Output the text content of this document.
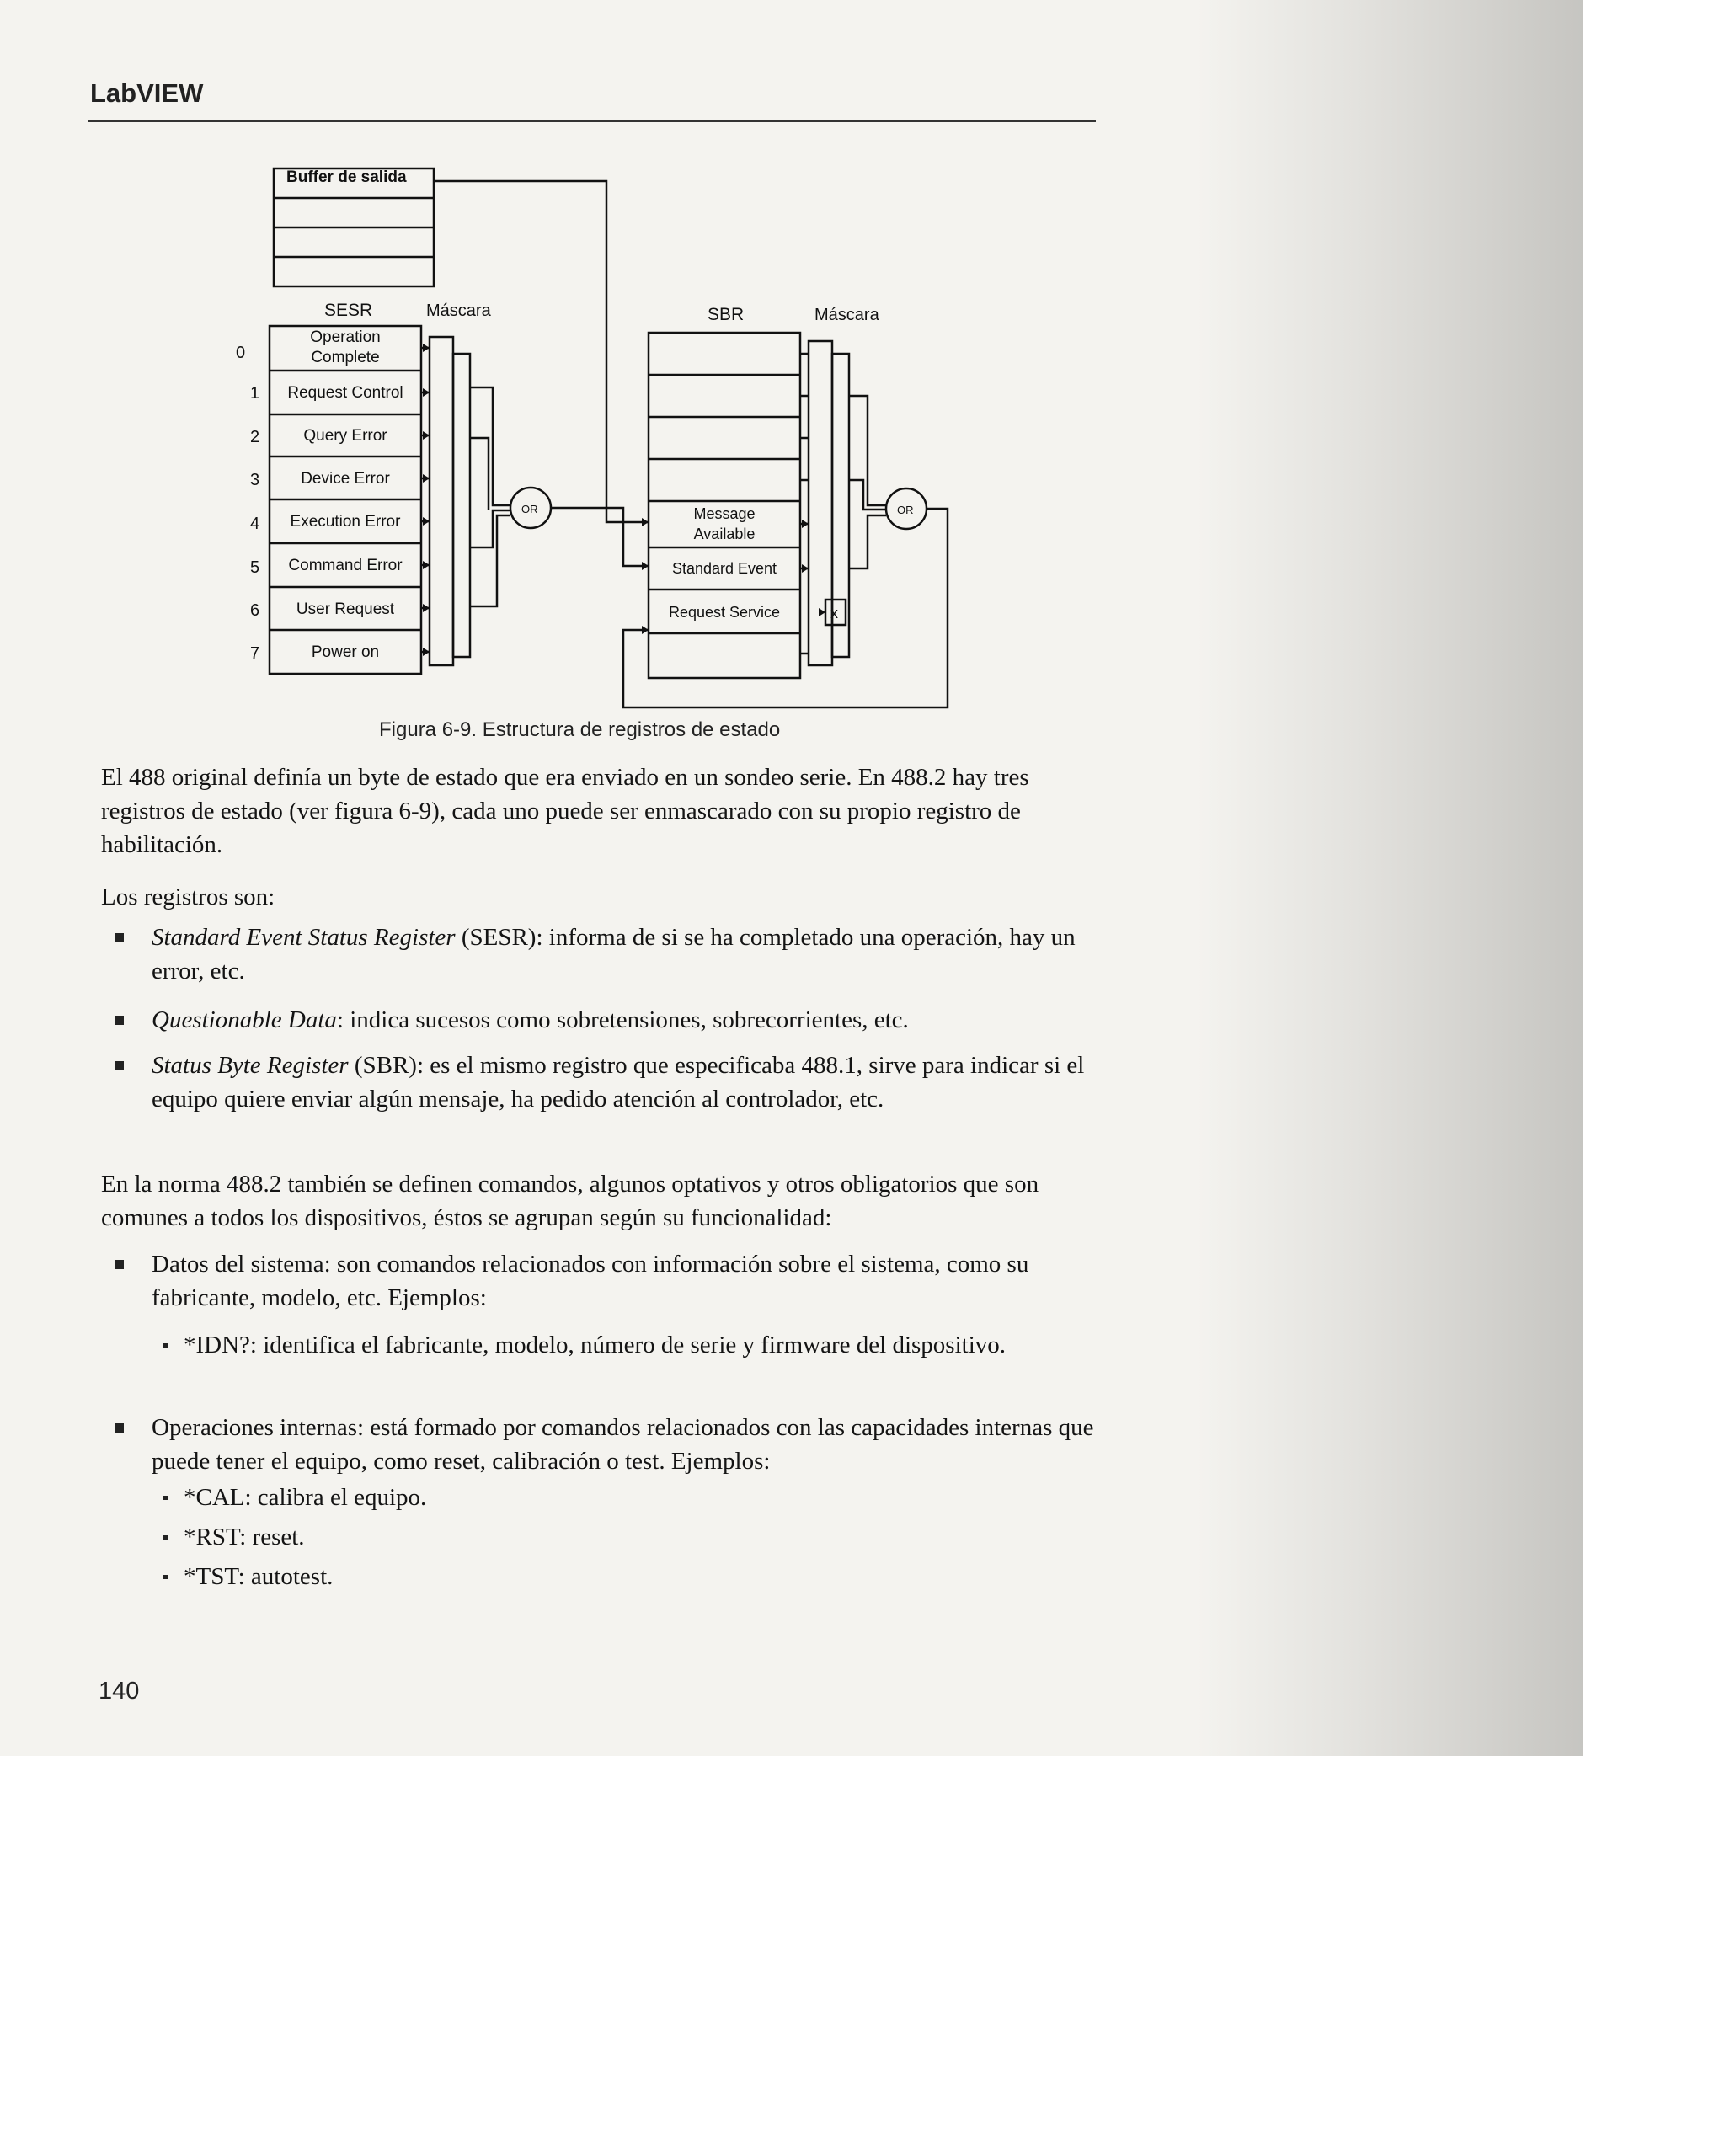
LabVIEW
Buffer de salida
SESR	Máscara	SBR	Máscara
OR	OR
x
0
1
2
3
4
5
6
7
Operation
Complete
Request Control
Query Error
Device Error
Execution Error
Command Error
User Request
Power on
Message
Available
Standard Event
Request Service
Figura 6-9. Estructura de registros de estado

El 488 original definía un byte de estado que era enviado en un sondeo serie. En 488.2 hay tres registros de estado (ver figura 6-9), cada uno puede ser enmascarado con su propio registro de habilitación.

Los registros son:

Standard Event Status Register (SESR): informa de si se ha completado una operación, hay un error, etc.
Questionable Data: indica sucesos como sobretensiones, sobrecorrientes, etc.
Status Byte Register (SBR): es el mismo registro que especificaba 488.1, sirve para indicar si el equipo quiere enviar algún mensaje, ha pedido atención al controlador, etc.

En la norma 488.2 también se definen comandos, algunos optativos y otros obligatorios que son comunes a todos los dispositivos, éstos se agrupan según su funcionalidad:

Datos del sistema: son comandos relacionados con información sobre el sistema, como su fabricante, modelo, etc. Ejemplos:
*IDN?: identifica el fabricante, modelo, número de serie y firmware del dispositivo.
Operaciones internas: está formado por comandos relacionados con las capacidades internas que puede tener el equipo, como reset, calibración o test. Ejemplos:
*CAL: calibra el equipo.
*RST: reset.
*TST: autotest.
140
